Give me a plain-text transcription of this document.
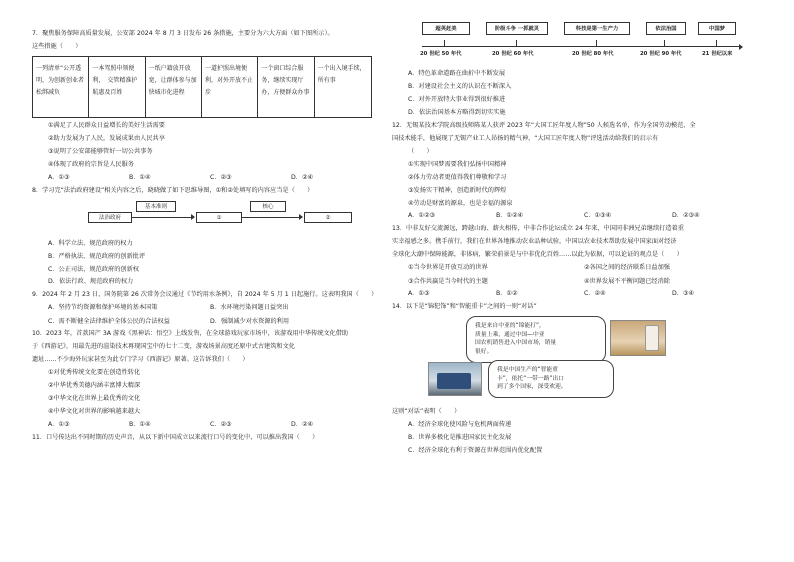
7．聚焦服务保障高质量发展，公安部 2024 年 8 月 3 日发布 26 条措施，主要分为六大方面（如下图所示）。
这些措施（　　）
一列清单“公开透明，为创新创业者松绑减负
一本驾照申领便利，　交管精准护航惠及百姓
一纸户籍放开放宽，让群体参与加快城市化进程
一道护照出境便利，对外开放不止步
一个窗口综合服务，继续实现厅办，方便群众办事
一个出入境手续，所有事
①满足了人民群众日益增长的美好生活需要
②助力发展为了人民，发展成果由人民共享
③说明了公安部能够管好一切公共事务
④体现了政府的宗旨是人民服务
A．①③	B．①④	C．②③	D．②④
8．学习完“法治政府建设”相关内容之后，晓晓做了如下思维导图，①和②处填写的内容应当是（　　）
法治政府
基本准则
①
核心
②
A．科学立法、规范政府的权力
B．严格执法、规范政府的创新批评
C．公正司法、规范政府的创新权
D．依法行政、规范政府的权力
9．2024 年 2 月 23 日，国务院第 26 次常务会议通过《节约用水条例》，自 2024 年 5 月 1 日起施行。这表明我国（　　）
A．坚持节约资源和保护环境的基本国策	B．水环境污染问题日益突出
C．需不断健全法律维护全体公民的合法权益	D．强制减少对水资源的利用
10．2023 年，首款国产 3A 游戏《黑神话：悟空》上线发售，在全球游戏玩家市场中，该游戏用中华传统文化借助
于《西游记》，用最先进的渲染技术再现国宝中的七十二变，游戏场景高度还原中式古建筑和文化
遗址……不少海外玩家甚至为此专门学习《西游记》原著。这告诉我们（　　）
①对优秀传统文化要在创造性转化
②中华优秀美德内涵丰富博大精深
③中华文化在世界上最优秀的文化
④中华文化对世界的影响越来越大
A．①③	B．①④	C．②③	D．②④
11．口号传达出不同时期的历史声音，从以下新中国成立以来流行口号的变化中，可以推出我国（　　）
超英赶美	阶级斗争 一抓就灵	科技是第一生产力	依法治国	中国梦
20 世纪 50 年代	20 世纪 60 年代	20 世纪 80 年代	20 世纪 90 年代	21 世纪以来
A．特色革命道路在曲折中不断发展
B．对建设社会主义的认识在不断深入
C．对外开放特大事业得到很好推进
D．依法治国基本方略得到切实实施
12．无锡某技术学院高级技师陈某人获评 2023 年“大国工匠年度人物”50 人候选名单，作为全国劳动模范、全
国技术能手，他展现了无锡产业工人昂扬的精气神，“大国工匠年度人物”评选活动给我们的启示有
（　　）
①实现中国梦需要我们弘扬中国精神
②体力劳动者更值得我们尊敬和学习
③发扬实干精神，创造新时代的辉煌
④劳动是财富的源泉，也是幸福的源泉
A．①②③	B．①②④	C．①③④	D．②③④
13．中非友好交流源远，跨越山海、薪火相传，中非合作论坛成立 24 年来，中国同非洲兄弟继续打造着重
实幸福感之多。携手前行，我们在世界各地推动农业品种试验，中国以农业技术帮助发展中国家面对经济
全球化大潮中保障能源，非体病，繁荣前景是与中非优化百姓……以此为依据，可以论证的观点是（　　）
①当今世界是开放互动的世界	②各国之间的经济联系日益加强
③合作共赢是当今时代的主题	④世界发展不平衡问题已经消除
A．①③	B．①②	C．②④	D．③④
14．以下是“锦犯饰”和“智能重卡”之间的一则“对话”
我是来自中亚的“锦能打”，
质量上乘，通过中国—中亚
国农机销售进入中国市场，销量
很好。
我是中国生产的“智能重
卡”，依托“一带一路”出口
到了多个国家，深受欢迎。
这则“对话”表明（　　）
A．经济全球化使风险与危机两面传递
B．世界多极化是推进国家民主化发展
C．经济全球化有利于资源在世界范围内优化配置
